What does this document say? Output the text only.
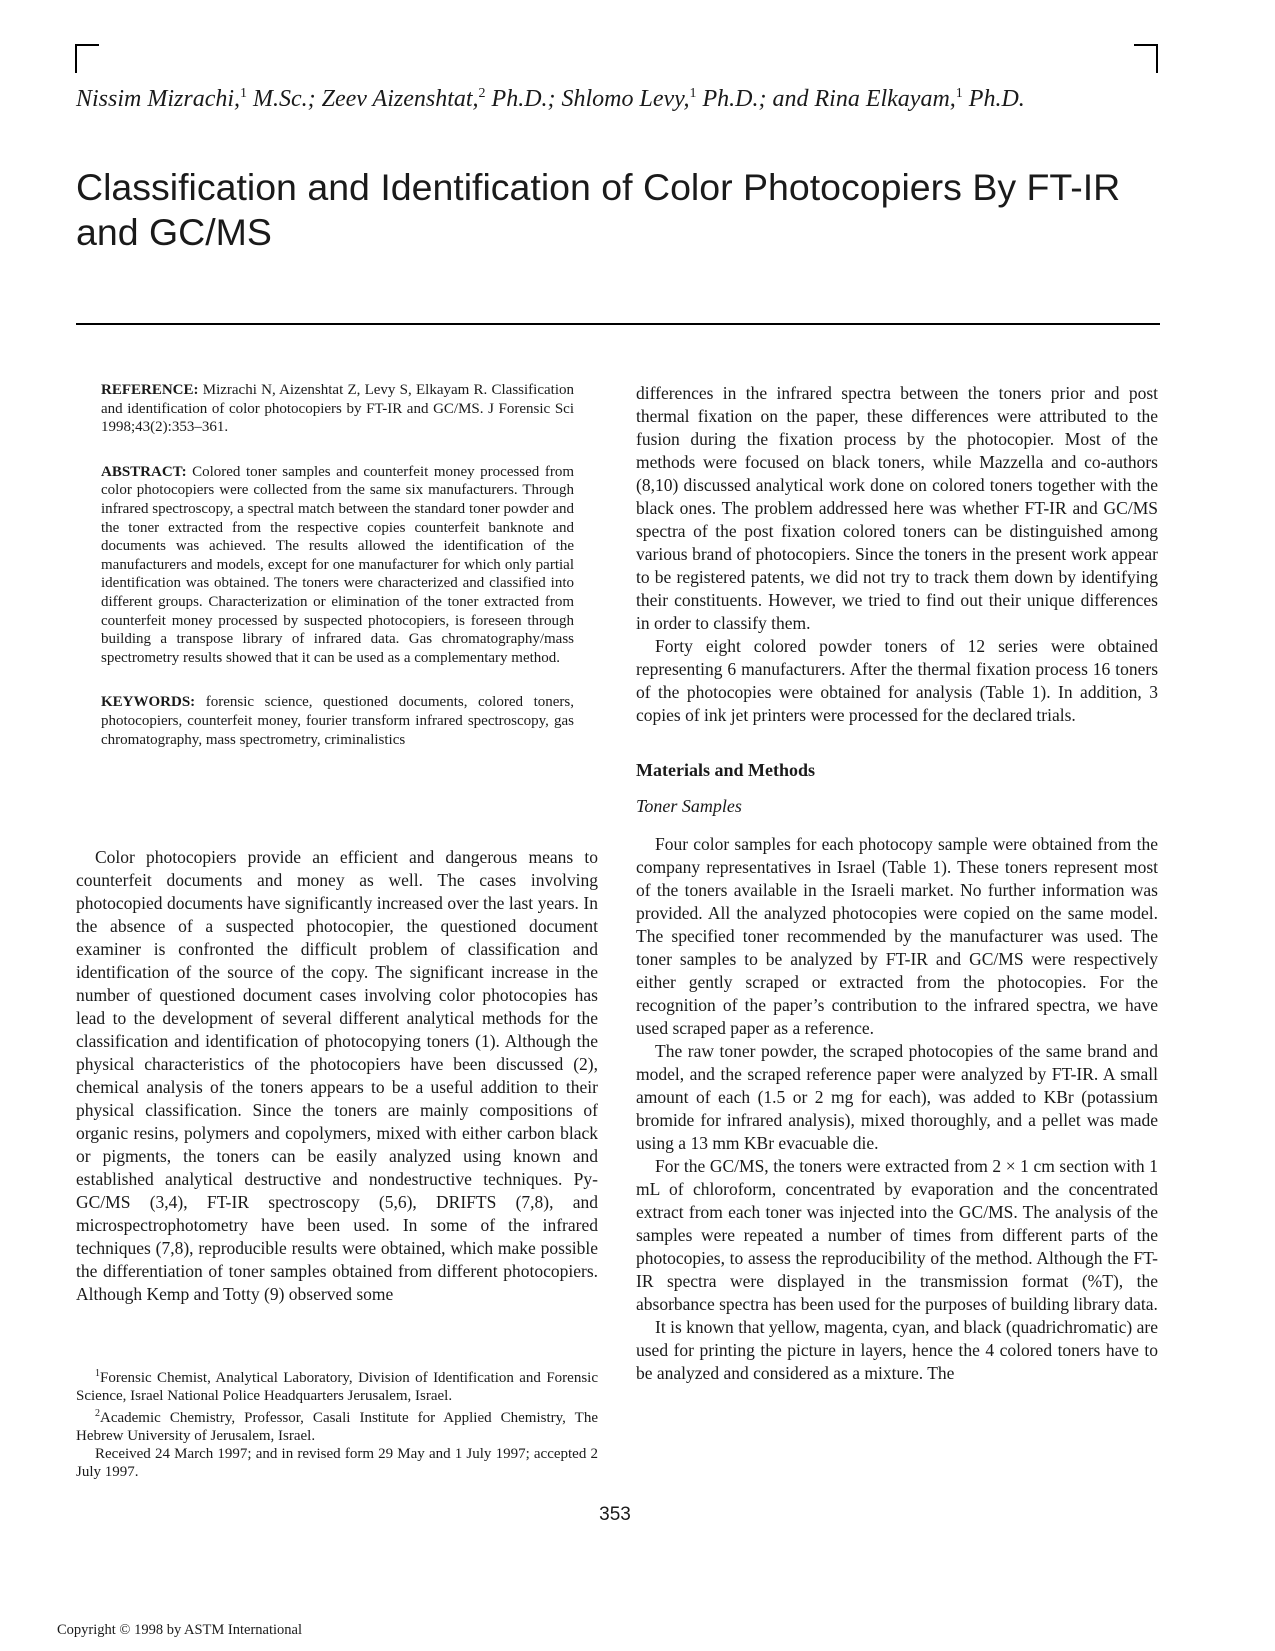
Nissim Mizrachi,$^1$ M.Sc.; Zeev Aizenshtat,$^2$ Ph.D.; Shlomo Levy,$^1$ Ph.D.; and Rina Elkayam,$^1$ Ph.D.
Classification and Identification of Color Photocopiers By FT-IR and GC/MS

REFERENCE: Mizrachi N, Aizenshtat Z, Levy S, Elkayam R. Classification and identification of color photocopiers by FT-IR and GC/MS. J Forensic Sci 1998;43(2):353–361.

ABSTRACT: Colored toner samples and counterfeit money processed from color photocopiers were collected from the same six manufacturers. Through infrared spectroscopy, a spectral match between the standard toner powder and the toner extracted from the respective copies counterfeit banknote and documents was achieved. The results allowed the identification of the manufacturers and models, except for one manufacturer for which only partial identification was obtained. The toners were characterized and classified into different groups. Characterization or elimination of the toner extracted from counterfeit money processed by suspected photocopiers, is foreseen through building a transpose library of infrared data. Gas chromatography/mass spectrometry results showed that it can be used as a complementary method.

KEYWORDS: forensic science, questioned documents, colored toners, photocopiers, counterfeit money, fourier transform infrared spectroscopy, gas chromatography, mass spectrometry, criminalistics

Color photocopiers provide an efficient and dangerous means to counterfeit documents and money as well. The cases involving photocopied documents have significantly increased over the last years. In the absence of a suspected photocopier, the questioned document examiner is confronted the difficult problem of classification and identification of the source of the copy. The significant increase in the number of questioned document cases involving color photocopies has lead to the development of several different analytical methods for the classification and identification of photocopying toners (1). Although the physical characteristics of the photocopiers have been discussed (2), chemical analysis of the toners appears to be a useful addition to their physical classification. Since the toners are mainly compositions of organic resins, polymers and copolymers, mixed with either carbon black or pigments, the toners can be easily analyzed using known and established analytical destructive and nondestructive techniques. Py-GC/MS (3,4), FT-IR spectroscopy (5,6), DRIFTS (7,8), and microspectrophotometry have been used. In some of the infrared techniques (7,8), reproducible results were obtained, which make possible the differentiation of toner samples obtained from different photocopiers. Although Kemp and Totty (9) observed some

$^1$Forensic Chemist, Analytical Laboratory, Division of Identification and Forensic Science, Israel National Police Headquarters Jerusalem, Israel.

$^2$Academic Chemistry, Professor, Casali Institute for Applied Chemistry, The Hebrew University of Jerusalem, Israel.

Received 24 March 1997; and in revised form 29 May and 1 July 1997; accepted 2 July 1997.

differences in the infrared spectra between the toners prior and post thermal fixation on the paper, these differences were attributed to the fusion during the fixation process by the photocopier. Most of the methods were focused on black toners, while Mazzella and co-authors (8,10) discussed analytical work done on colored toners together with the black ones. The problem addressed here was whether FT-IR and GC/MS spectra of the post fixation colored toners can be distinguished among various brand of photocopiers. Since the toners in the present work appear to be registered patents, we did not try to track them down by identifying their constituents. However, we tried to find out their unique differences in order to classify them.

Forty eight colored powder toners of 12 series were obtained representing 6 manufacturers. After the thermal fixation process 16 toners of the photocopies were obtained for analysis (Table 1). In addition, 3 copies of ink jet printers were processed for the declared trials.

Materials and Methods
Toner Samples

Four color samples for each photocopy sample were obtained from the company representatives in Israel (Table 1). These toners represent most of the toners available in the Israeli market. No further information was provided. All the analyzed photocopies were copied on the same model. The specified toner recommended by the manufacturer was used. The toner samples to be analyzed by FT-IR and GC/MS were respectively either gently scraped or extracted from the photocopies. For the recognition of the paper’s contribution to the infrared spectra, we have used scraped paper as a reference.

The raw toner powder, the scraped photocopies of the same brand and model, and the scraped reference paper were analyzed by FT-IR. A small amount of each (1.5 or 2 mg for each), was added to KBr (potassium bromide for infrared analysis), mixed thoroughly, and a pellet was made using a 13 mm KBr evacuable die.

For the GC/MS, the toners were extracted from 2 × 1 cm section with 1 mL of chloroform, concentrated by evaporation and the concentrated extract from each toner was injected into the GC/MS. The analysis of the samples were repeated a number of times from different parts of the photocopies, to assess the reproducibility of the method. Although the FT-IR spectra were displayed in the transmission format (%T), the absorbance spectra has been used for the purposes of building library data.

It is known that yellow, magenta, cyan, and black (quadrichromatic) are used for printing the picture in layers, hence the 4 colored toners have to be analyzed and considered as a mixture. The

353
Copyright © 1998 by ASTM International
